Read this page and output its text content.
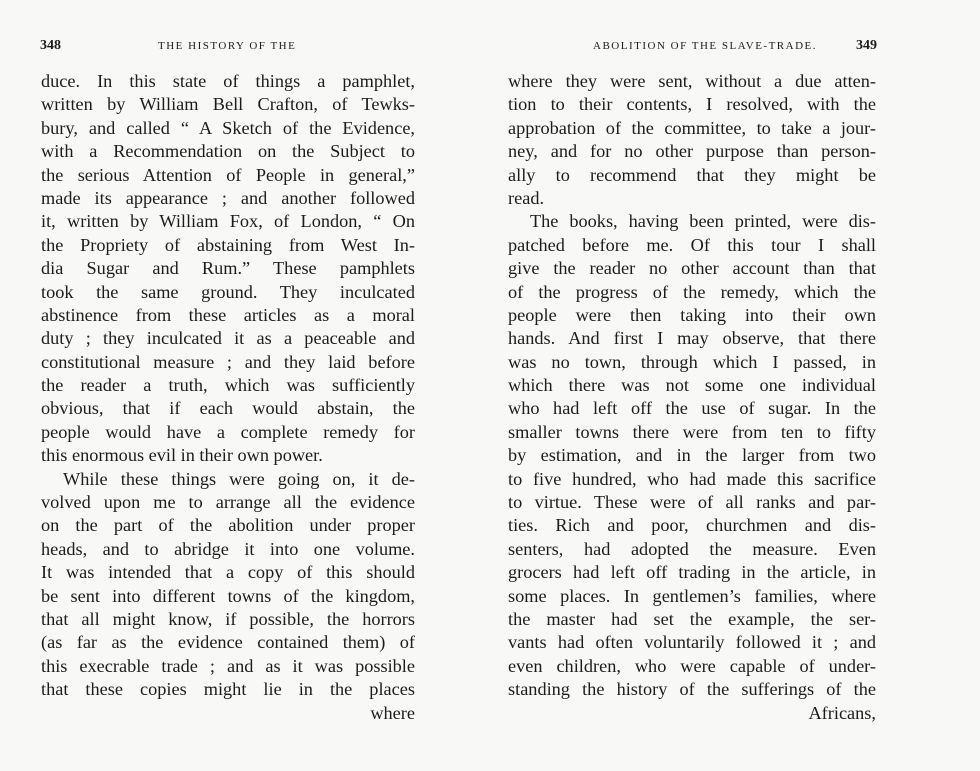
348	THE HISTORY OF THE
duce. In this state of things a pamphlet,
written by William Bell Crafton, of Tewks-
bury, and called “ A Sketch of the Evidence,
with a Recommendation on the Subject to
the serious Attention of People in general,”
made its appearance ; and another followed
it, written by William Fox, of London, “ On
the Propriety of abstaining from West In-
dia Sugar and Rum.” These pamphlets
took the same ground. They inculcated
abstinence from these articles as a moral
duty ; they inculcated it as a peaceable and
constitutional measure ; and they laid before
the reader a truth, which was sufficiently
obvious, that if each would abstain, the
people would have a complete remedy for
this enormous evil in their own power.
While these things were going on, it de-
volved upon me to arrange all the evidence
on the part of the abolition under proper
heads, and to abridge it into one volume.
It was intended that a copy of this should
be sent into different towns of the kingdom,
that all might know, if possible, the horrors
(as far as the evidence contained them) of
this execrable trade ; and as it was possible
that these copies might lie in the places
where
ABOLITION OF THE SLAVE-TRADE.	349
where they were sent, without a due atten-
tion to their contents, I resolved, with the
approbation of the committee, to take a jour-
ney, and for no other purpose than person-
ally to recommend that they might be
read.
The books, having been printed, were dis-
patched before me. Of this tour I shall
give the reader no other account than that
of the progress of the remedy, which the
people were then taking into their own
hands. And first I may observe, that there
was no town, through which I passed, in
which there was not some one individual
who had left off the use of sugar. In the
smaller towns there were from ten to fifty
by estimation, and in the larger from two
to five hundred, who had made this sacrifice
to virtue. These were of all ranks and par-
ties. Rich and poor, churchmen and dis-
senters, had adopted the measure. Even
grocers had left off trading in the article, in
some places. In gentlemen’s families, where
the master had set the example, the ser-
vants had often voluntarily followed it ; and
even children, who were capable of under-
standing the history of the sufferings of the
Africans,
